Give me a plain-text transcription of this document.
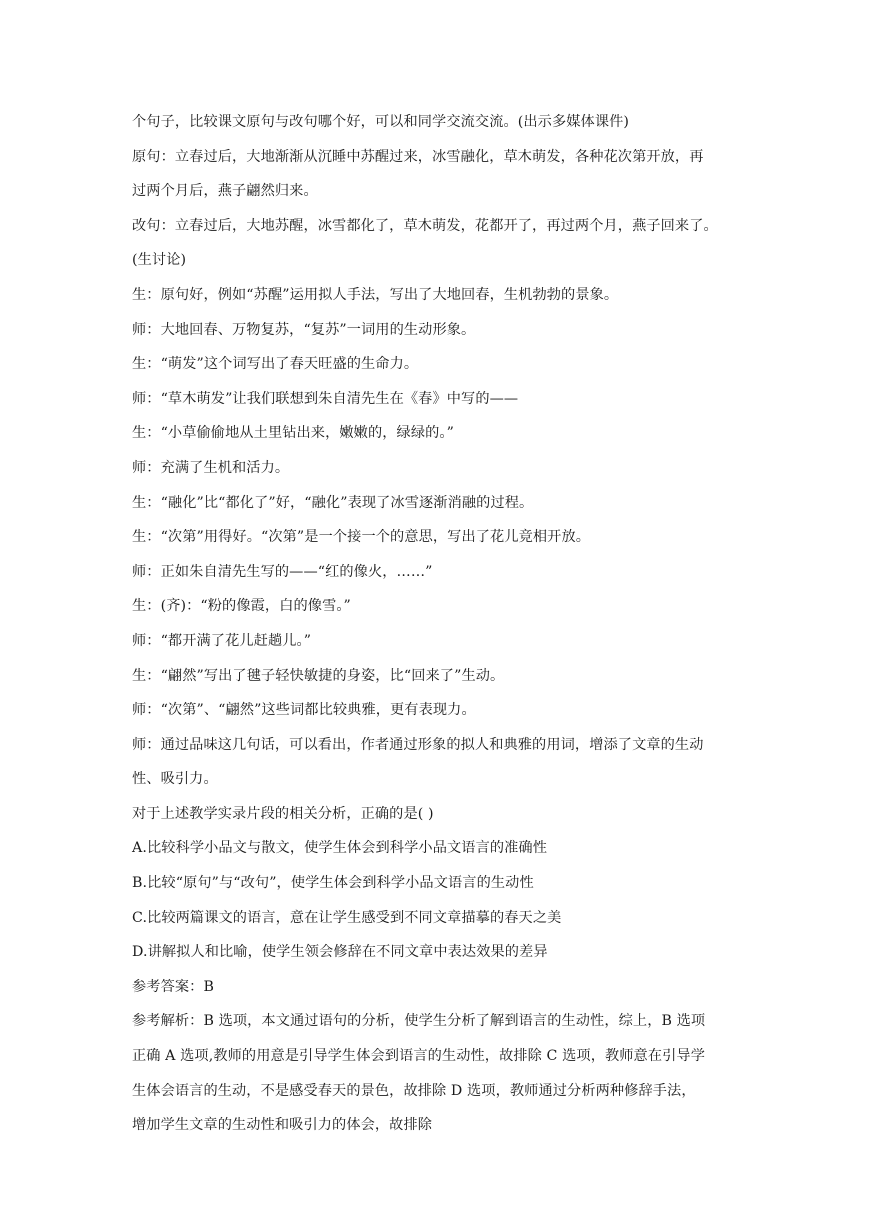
个句子，比较课文原句与改句哪个好，可以和同学交流交流。(出示多媒体课件)
原句：立春过后，大地渐渐从沉睡中苏醒过来，冰雪融化，草木萌发，各种花次第开放，再
过两个月后，燕子翩然归来。
改句：立春过后，大地苏醒，冰雪都化了，草木萌发，花都开了，再过两个月，燕子回来了。
(生讨论)
生：原句好，例如“苏醒”运用拟人手法，写出了大地回春，生机勃勃的景象。
师：大地回春、万物复苏，“复苏”一词用的生动形象。
生：“萌发”这个词写出了春天旺盛的生命力。
师：“草木萌发”让我们联想到朱自清先生在《春》中写的——
生：“小草偷偷地从土里钻出来，嫩嫩的，绿绿的。”
师：充满了生机和活力。
生：“融化”比“都化了”好，“融化”表现了冰雪逐渐消融的过程。
生：“次第”用得好。“次第”是一个接一个的意思，写出了花儿竞相开放。
师：正如朱自清先生写的——“红的像火，……”
生：(齐)：“粉的像霞，白的像雪。”
师：“都开满了花儿赶趟儿。”
生：“翩然”写出了毽子轻快敏捷的身姿，比“回来了”生动。
师：“次第”、“翩然”这些词都比较典雅，更有表现力。
师：通过品味这几句话，可以看出，作者通过形象的拟人和典雅的用词，增添了文章的生动
性、吸引力。
对于上述教学实录片段的相关分析，正确的是( )
A.比较科学小品文与散文，使学生体会到科学小品文语言的准确性
B.比较“原句”与“改句”，使学生体会到科学小品文语言的生动性
C.比较两篇课文的语言，意在让学生感受到不同文章描摹的春天之美
D.讲解拟人和比喻，使学生领会修辞在不同文章中表达效果的差异
参考答案：B
参考解析：B 选项，本文通过语句的分析，使学生分析了解到语言的生动性，综上，B 选项
正确 A 选项,教师的用意是引导学生体会到语言的生动性，故排除 C 选项，教师意在引导学
生体会语言的生动，不是感受春天的景色，故排除 D 选项，教师通过分析两种修辞手法，
增加学生文章的生动性和吸引力的体会，故排除
